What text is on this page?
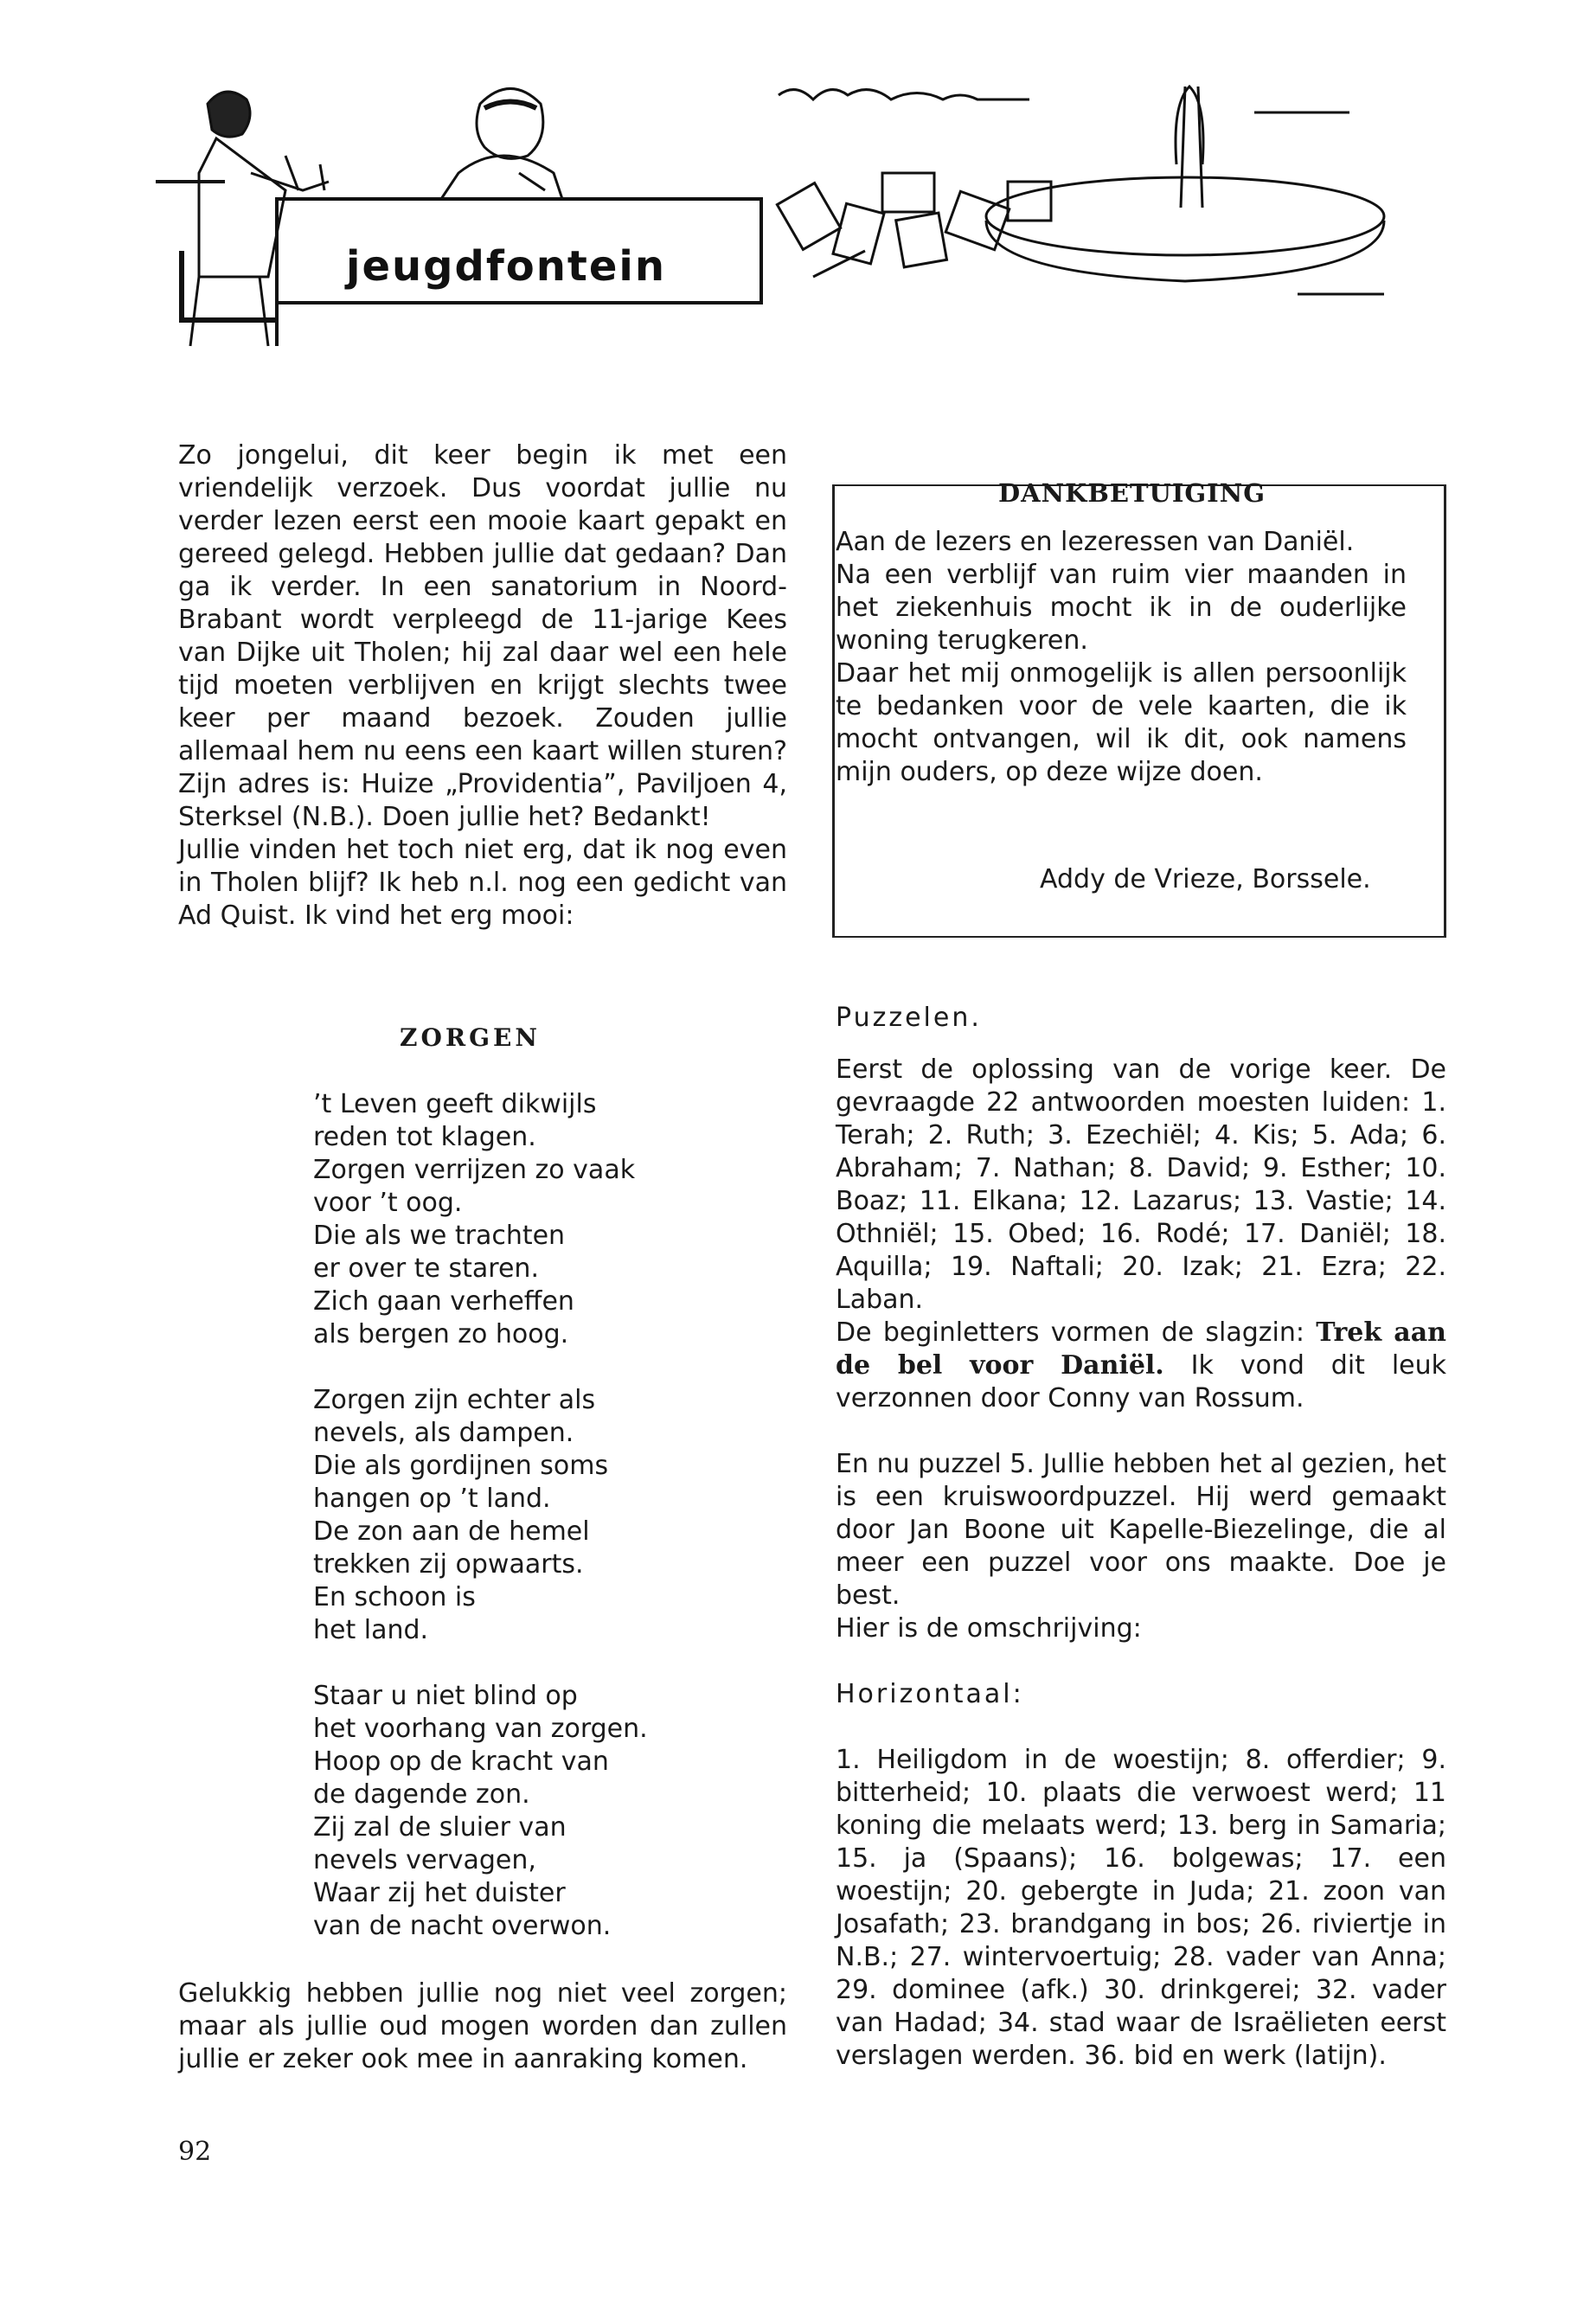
jeugdfontein

Zo jongelui, dit keer begin ik met een vriendelijk verzoek. Dus voordat jullie nu verder lezen eerst een mooie kaart gepakt en gereed gelegd. Hebben jullie dat gedaan? Dan ga ik verder. In een sanatorium in Noord-Brabant wordt verpleegd de 11-jarige Kees van Dijke uit Tholen; hij zal daar wel een hele tijd moeten verblijven en krijgt slechts twee keer per maand bezoek. Zouden jullie allemaal hem nu eens een kaart willen sturen? Zijn adres is: Huize „Providentia”, Paviljoen 4, Sterksel (N.B.). Doen jullie het? Bedankt!

Jullie vinden het toch niet erg, dat ik nog even in Tholen blijf? Ik heb n.l. nog een gedicht van Ad Quist. Ik vind het erg mooi:

ZORGEN

’t Leven geeft dikwijls

reden tot klagen.

Zorgen verrijzen zo vaak

voor ’t oog.

Die als we trachten

er over te staren.

Zich gaan verheffen

als bergen zo hoog.

Zorgen zijn echter als

nevels, als dampen.

Die als gordijnen soms

hangen op ’t land.

De zon aan de hemel

trekken zij opwaarts.

En schoon is

het land.

Staar u niet blind op

het voorhang van zorgen.

Hoop op de kracht van

de dagende zon.

Zij zal de sluier van

nevels vervagen,

Waar zij het duister

van de nacht overwon.

Gelukkig hebben jullie nog niet veel zorgen; maar als jullie oud mogen worden dan zullen jullie er zeker ook mee in aanraking komen.
DANKBETUIGING

Aan de lezers en lezeressen van Daniël.

Na een verblijf van ruim vier maanden in het ziekenhuis mocht ik in de ouderlijke woning terugkeren.

Daar het mij onmogelijk is allen persoonlijk te bedanken voor de vele kaarten, die ik mocht ontvangen, wil ik dit, ook namens mijn ouders, op deze wijze doen.

Addy de Vrieze, Borssele.
Puzzelen.

Eerst de oplossing van de vorige keer. De gevraagde 22 antwoorden moesten luiden: 1. Terah; 2. Ruth; 3. Ezechiël; 4. Kis; 5. Ada; 6. Abraham; 7. Nathan; 8. David; 9. Esther; 10. Boaz; 11. Elkana; 12. Lazarus; 13. Vastie; 14. Othniël; 15. Obed; 16. Rodé; 17. Daniël; 18. Aquilla; 19. Naftali; 20. Izak; 21. Ezra; 22. Laban.

De beginletters vormen de slagzin: Trek aan de bel voor Daniël. Ik vond dit leuk verzonnen door Conny van Rossum.

En nu puzzel 5. Jullie hebben het al gezien, het is een kruiswoordpuzzel. Hij werd gemaakt door Jan Boone uit Kapelle-Biezelinge, die al meer een puzzel voor ons maakte. Doe je best.

Hier is de omschrijving:

Horizontaal:

1. Heiligdom in de woestijn; 8. offerdier; 9. bitterheid; 10. plaats die verwoest werd; 11 koning die melaats werd; 13. berg in Samaria; 15. ja (Spaans); 16. bolgewas; 17. een woestijn; 20. gebergte in Juda; 21. zoon van Josafath; 23. brandgang in bos; 26. riviertje in N.B.; 27. wintervoertuig; 28. vader van Anna; 29. dominee (afk.) 30. drinkgerei; 32. vader van Hadad; 34. stad waar de Israëlieten eerst verslagen werden. 36. bid en werk (latijn).

92
